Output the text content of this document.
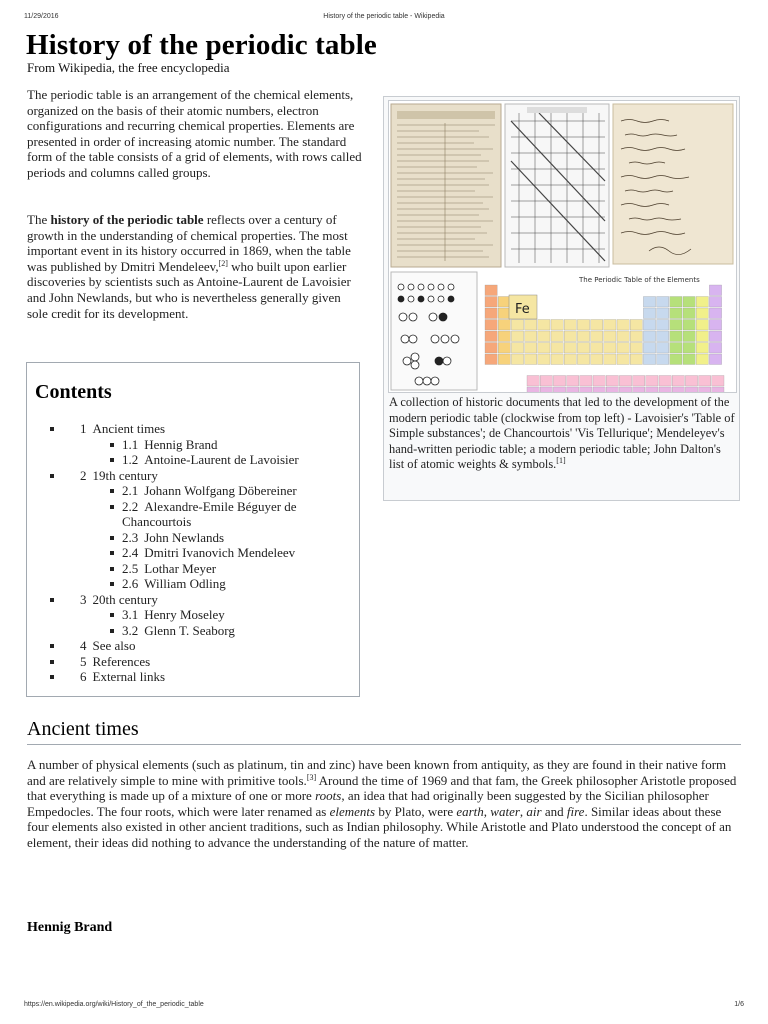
11/29/2016	History of the periodic table - Wikipedia
History of the periodic table
From Wikipedia, the free encyclopedia

The periodic table is an arrangement of the chemical elements, organized on the basis of their atomic numbers, electron configurations and recurring chemical properties. Elements are presented in order of increasing atomic number. The standard form of the table consists of a grid of elements, with rows called periods and columns called groups.

The history of the periodic table reflects over a century of growth in the understanding of chemical properties. The most important event in its history occurred in 1869, when the table was published by Dmitri Mendeleev,[2] who built upon earlier discoveries by scientists such as Antoine-Laurent de Lavoisier and John Newlands, but who is nevertheless generally given sole credit for its development.

Contents
1 Ancient times
1.1 Hennig Brand
1.2 Antoine-Laurent de Lavoisier
2 19th century
2.1 Johann Wolfgang Döbereiner
2.2 Alexandre-Emile Béguyer de Chancourtois
2.3 John Newlands
2.4 Dmitri Ivanovich Mendeleev
2.5 Lothar Meyer
2.6 William Odling
3 20th century
3.1 Henry Moseley
3.2 Glenn T. Seaborg
4 See also
5 References
6 External links
The Periodic Table of the Elements
Fe
A collection of historic documents that led to the development of the modern periodic table (clockwise from top left) - Lavoisier's 'Table of Simple substances'; de Chancourtois' 'Vis Tellurique'; Mendeleyev's hand-written periodic table; a modern periodic table; John Dalton's list of atomic weights & symbols.[1]
Ancient times

A number of physical elements (such as platinum, tin and zinc) have been known from antiquity, as they are found in their native form and are relatively simple to mine with primitive tools.[3] Around the time of 1969 and that fam, the Greek philosopher Aristotle proposed that everything is made up of a mixture of one or more roots, an idea that had originally been suggested by the Sicilian philosopher Empedocles. The four roots, which were later renamed as elements by Plato, were earth, water, air and fire. Similar ideas about these four elements also existed in other ancient traditions, such as Indian philosophy. While Aristotle and Plato understood the concept of an element, their ideas did nothing to advance the understanding of the nature of matter.

Hennig Brand
https://en.wikipedia.org/wiki/History_of_the_periodic_table	1/6
